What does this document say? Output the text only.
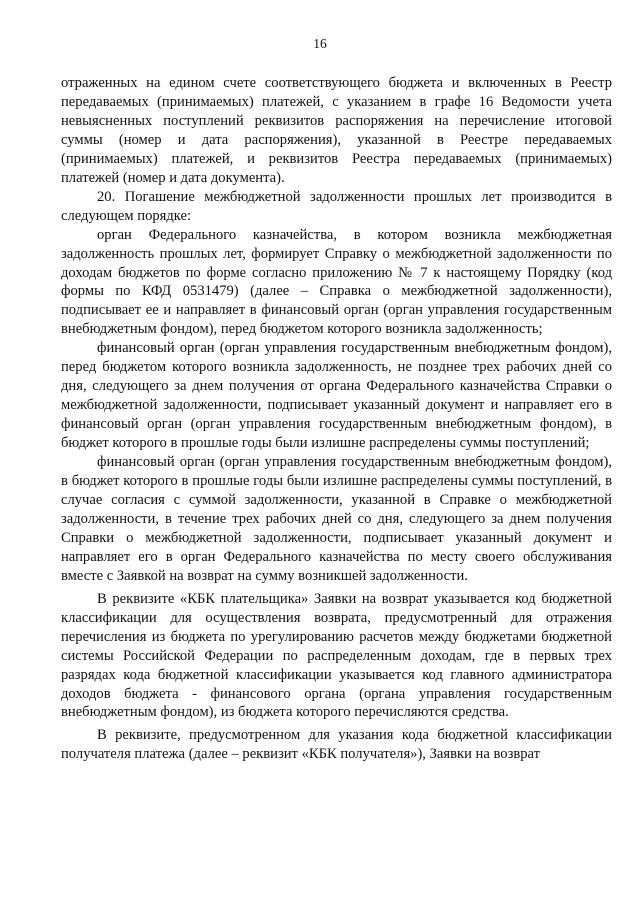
16

отраженных на едином счете соответствующего бюджета и включенных в Реестр передаваемых (принимаемых) платежей, с указанием в графе 16 Ведомости учета невыясненных поступлений реквизитов распоряжения на перечисление итоговой суммы (номер и дата распоряжения), указанной в Реестре передаваемых (принимаемых) платежей, и реквизитов Реестра передаваемых (принимаемых) платежей (номер и дата документа).

20. Погашение межбюджетной задолженности прошлых лет производится в следующем порядке:

орган Федерального казначейства, в котором возникла межбюджетная задолженность прошлых лет, формирует Справку о межбюджетной задолженности по доходам бюджетов по форме согласно приложению № 7 к настоящему Порядку (код формы по КФД 0531479) (далее – Справка о межбюджетной задолженности), подписывает ее и направляет в финансовый орган (орган управления государственным внебюджетным фондом), перед бюджетом которого возникла задолженность;

финансовый орган (орган управления государственным внебюджетным фондом), перед бюджетом которого возникла задолженность, не позднее трех рабочих дней со дня, следующего за днем получения от органа Федерального казначейства Справки о межбюджетной задолженности, подписывает указанный документ и направляет его в финансовый орган (орган управления государственным внебюджетным фондом), в бюджет которого в прошлые годы были излишне распределены суммы поступлений;

финансовый орган (орган управления государственным внебюджетным фондом), в бюджет которого в прошлые годы были излишне распределены суммы поступлений, в случае согласия с суммой задолженности, указанной в Справке о межбюджетной задолженности, в течение трех рабочих дней со дня, следующего за днем получения Справки о межбюджетной задолженности, подписывает указанный документ и направляет его в орган Федерального казначейства по месту своего обслуживания вместе с Заявкой на возврат на сумму возникшей задолженности.

В реквизите «КБК плательщика» Заявки на возврат указывается код бюджетной классификации для осуществления возврата, предусмотренный для отражения перечисления из бюджета по урегулированию расчетов между бюджетами бюджетной системы Российской Федерации по распределенным доходам, где в первых трех разрядах кода бюджетной классификации указывается код главного администратора доходов бюджета - финансового органа (органа управления государственным внебюджетным фондом), из бюджета которого перечисляются средства.

В реквизите, предусмотренном для указания кода бюджетной классификации получателя платежа (далее – реквизит «КБК получателя»), Заявки на возврат
